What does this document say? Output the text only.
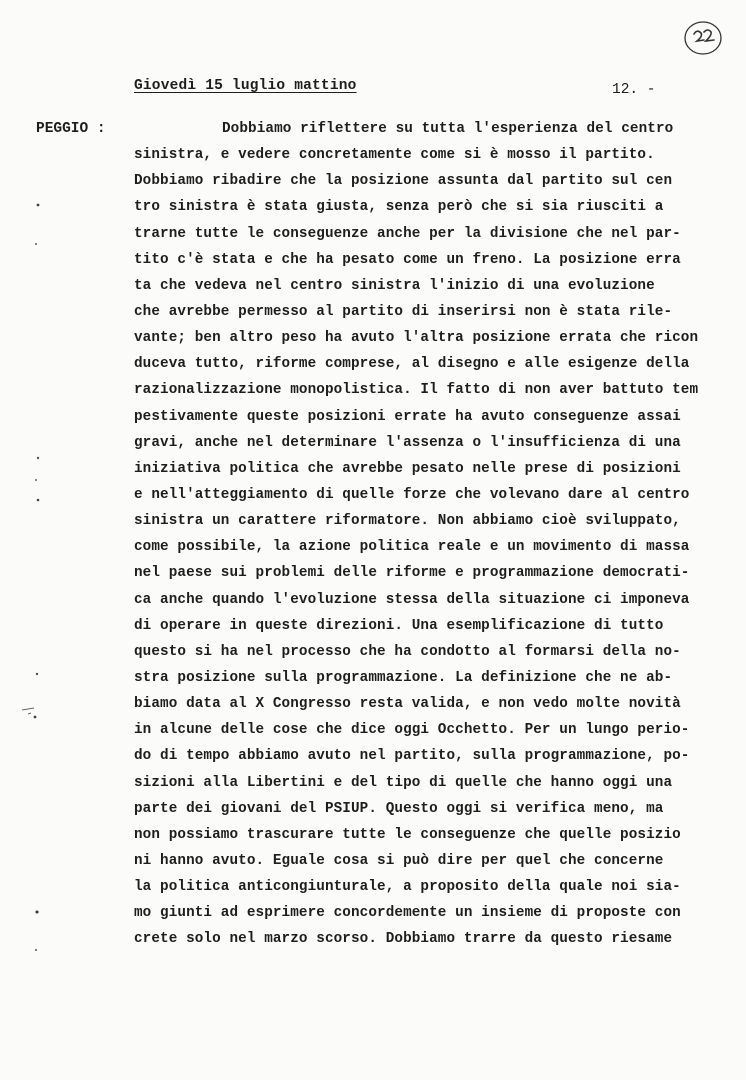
Giovedì 15 luglio mattino	12. -
PEGGIO :	Dobbiamo riflettere su tutta l'esperienza del centro
sinistra, e vedere concretamente come si è mosso il partito.
Dobbiamo ribadire che la posizione assunta dal partito sul cen
tro sinistra è stata giusta, senza però che si sia riusciti a
trarne tutte le conseguenze anche per la divisione che nel par-
tito c'è stata e che ha pesato come un freno. La posizione erra
ta che vedeva nel centro sinistra l'inizio di una evoluzione
che avrebbe permesso al partito di inserirsi non è stata rile-
vante; ben altro peso ha avuto l'altra posizione errata che ricon
duceva tutto, riforme comprese, al disegno e alle esigenze della
razionalizzazione monopolistica. Il fatto di non aver battuto tem
pestivamente queste posizioni errate ha avuto conseguenze assai
gravi, anche nel determinare l'assenza o l'insufficienza di una
iniziativa politica che avrebbe pesato nelle prese di posizioni
e nell'atteggiamento di quelle forze che volevano dare al centro
sinistra un carattere riformatore. Non abbiamo cioè sviluppato,
come possibile, la azione politica reale e un movimento di massa
nel paese sui problemi delle riforme e programmazione democrati-
ca anche quando l'evoluzione stessa della situazione ci imponeva
di operare in queste direzioni. Una esemplificazione di tutto
questo si ha nel processo che ha condotto al formarsi della no-
stra posizione sulla programmazione. La definizione che ne ab-
biamo data al X Congresso resta valida, e non vedo molte novità
in alcune delle cose che dice oggi Occhetto. Per un lungo perio-
do di tempo abbiamo avuto nel partito, sulla programmazione, po-
sizioni alla Libertini e del tipo di quelle che hanno oggi una
parte dei giovani del PSIUP. Questo oggi si verifica meno, ma
non possiamo trascurare tutte le conseguenze che quelle posizio
ni hanno avuto. Eguale cosa si può dire per quel che concerne
la politica anticongiunturale, a proposito della quale noi sia-
mo giunti ad esprimere concordemente un insieme di proposte con
crete solo nel marzo scorso. Dobbiamo trarre da questo riesame
